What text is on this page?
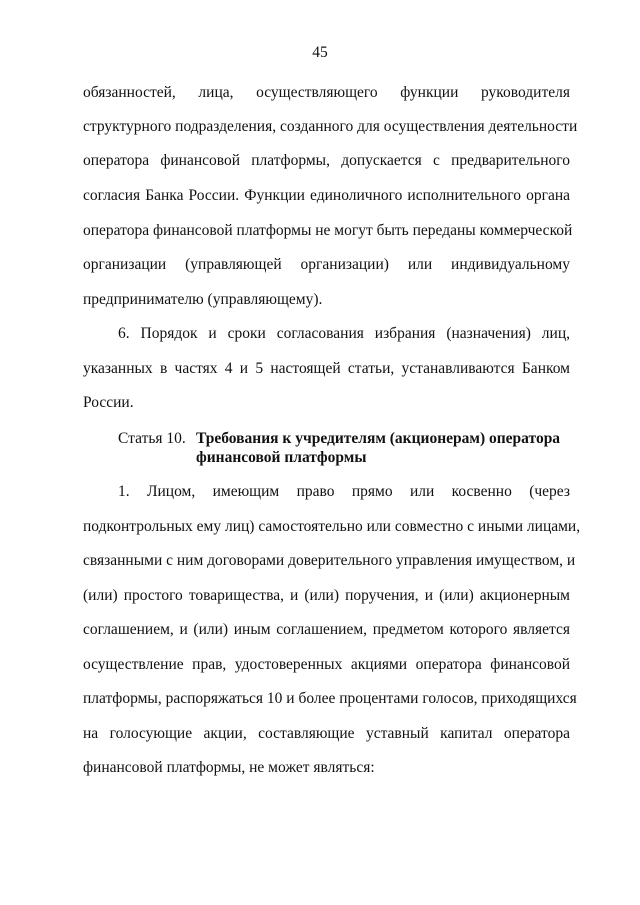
45
обязанностей, лица, осуществляющего функции руководителя
структурного подразделения, созданного для осуществления деятельности
оператора финансовой платформы, допускается с предварительного
согласия Банка России. Функции единоличного исполнительного органа
оператора финансовой платформы не могут быть переданы коммерческой
организации (управляющей организации) или индивидуальному
предпринимателю (управляющему).
6. Порядок и сроки согласования избрания (назначения) лиц,
указанных в частях 4 и 5 настоящей статьи, устанавливаются Банком
России.
Статья 10. Требования к учредителям (акционерам) оператора
финансовой платформы
1. Лицом, имеющим право прямо или косвенно (через
подконтрольных ему лиц) самостоятельно или совместно с иными лицами,
связанными с ним договорами доверительного управления имуществом, и
(или) простого товарищества, и (или) поручения, и (или) акционерным
соглашением, и (или) иным соглашением, предметом которого является
осуществление прав, удостоверенных акциями оператора финансовой
платформы, распоряжаться 10 и более процентами голосов, приходящихся
на голосующие акции, составляющие уставный капитал оператора
финансовой платформы, не может являться:
